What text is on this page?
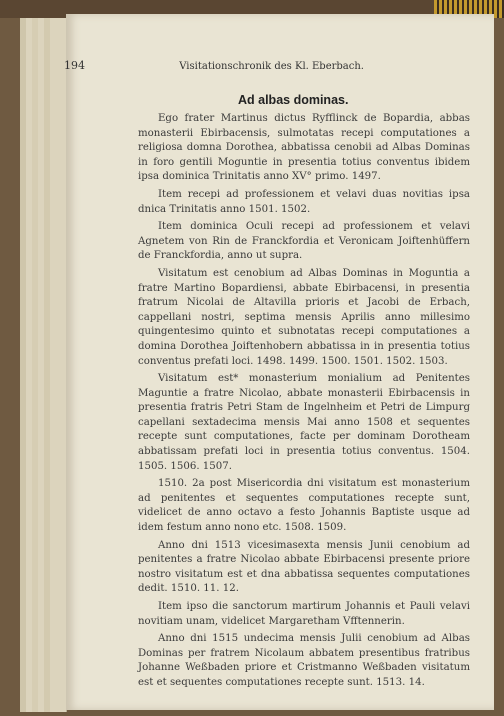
194	Visitationschronik des Kl. Eberbach.
Ad albas dominas.

Ego frater Martinus dictus Ryfflinck de Bopardia, abbas monasterii Ebirbacensis, sulmotatas recepi computationes a religiosa domna Dorothea, abbatissa cenobii ad Albas Dominas in foro gentili Moguntie in presentia totius conventus ibidem ipsa dominica Trinitatis anno XV° primo. 1497.

Item recepi ad professionem et velavi duas novitias ipsa dnica Trinitatis anno 1501. 1502.

Item dominica Oculi recepi ad professionem et velavi Agnetem von Rin de Franckfordia et Veronicam Joiftenhüffern de Franckfordia, anno ut supra.

Visitatum est cenobium ad Albas Dominas in Moguntia a fratre Martino Bopardiensi, abbate Ebirbacensi, in presentia fratrum Nicolai de Altavilla prioris et Jacobi de Erbach, cappellani nostri, septima mensis Aprilis anno millesimo quingentesimo quinto et subnotatas recepi computationes a domina Dorothea Joiftenhobern abbatissa in in presentia totius conventus prefati loci. 1498. 1499. 1500. 1501. 1502. 1503.

Visitatum est* monasterium monialium ad Penitentes Maguntie a fratre Nicolao, abbate monasterii Ebirbacensis in presentia fratris Petri Stam de Ingelnheim et Petri de Limpurg capellani sextadecima mensis Mai anno 1508 et sequentes recepte sunt computationes, facte per dominam Dorotheam abbatissam prefati loci in presentia totius conventus. 1504. 1505. 1506. 1507.

1510. 2a post Misericordia dni visitatum est monasterium ad penitentes et sequentes computationes recepte sunt, videlicet de anno octavo a festo Johannis Baptiste usque ad idem festum anno nono etc. 1508. 1509.

Anno dni 1513 vicesimasexta mensis Junii cenobium ad penitentes a fratre Nicolao abbate Ebirbacensi presente priore nostro visitatum est et dna abbatissa sequentes computationes dedit. 1510. 11. 12.

Item ipso die sanctorum martirum Johannis et Pauli velavi novitiam unam, videlicet Margaretham Vfftennerin.

Anno dni 1515 undecima mensis Julii cenobium ad Albas Dominas per fratrem Nicolaum abbatem presentibus fratribus Johanne Weßbaden priore et Cristmanno Weßbaden visitatum est et sequentes computationes recepte sunt. 1513. 14.
